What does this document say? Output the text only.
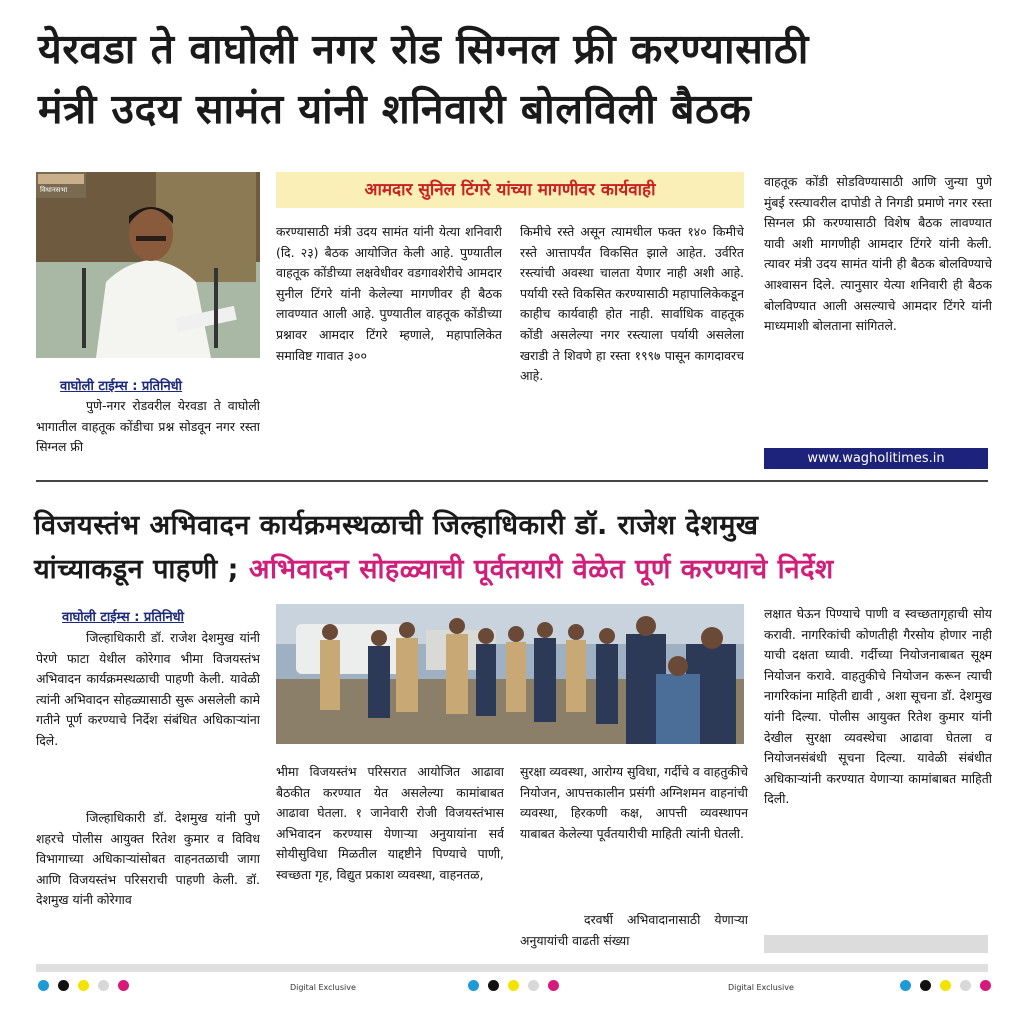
येरवडा ते वाघोली नगर रोड सिग्नल फ्री करण्यासाठी
मंत्री उदय सामंत यांनी शनिवारी बोलविली बैठक
विधानसभा
वाघोली टाईम्स : प्रतिनिधी
पुणे-नगर रोडवरील येरवडा ते वाघोली भागातील वाहतूक कोंडीचा प्रश्न सोडवून नगर रस्ता सिग्नल फ्री
आमदार सुनिल टिंगरे यांच्या मागणीवर कार्यवाही
करण्यासाठी मंत्री उदय सामंत यांनी येत्या शनिवारी (दि. २३) बैठक आयोजित केली आहे. पुण्यातील वाहतूक कोंडीच्या लक्षवेधीवर वडगावशेरीचे आमदार सुनील टिंगरे यांनी केलेल्या मागणीवर ही बैठक लावण्यात आली आहे. पुण्यातील वाहतूक कोंडीच्या प्रश्नावर आमदार टिंगरे म्हणाले, महापालिकेत समाविष्ट गावात ३००
किमीचे रस्ते असून त्यामधील फक्त १४० किमीचे रस्ते आत्तापर्यंत विकसित झाले आहेत. उर्वरित रस्त्यांची अवस्था चालता येणार नाही अशी आहे. पर्यायी रस्ते विकसित करण्यासाठी महापालिकेकडून काहीच कार्यवाही होत नाही. सार्वाधिक वाहतूक कोंडी असलेल्या नगर रस्त्याला पर्यायी असलेला खराडी ते शिवणे हा रस्ता १९९७ पासून कागदावरच आहे.
वाहतूक कोंडी सोडविण्यासाठी आणि जुन्या पुणे मुंबई रस्त्यावरील दापोडी ते निगडी प्रमाणे नगर रस्ता सिग्नल फ्री करण्यासाठी विशेष बैठक लावण्यात यावी अशी मागणीही आमदार टिंगरे यांनी केली. त्यावर मंत्री उदय सामंत यांनी ही बैठक बोलविण्याचे आश्वासन दिले. त्यानुसार येत्या शनिवारी ही बैठक बोलविण्यात आली असल्याचे आमदार टिंगरे यांनी माध्यमाशी बोलताना सांगितले.
www.wagholitimes.in
विजयस्तंभ अभिवादन कार्यक्रमस्थळाची जिल्हाधिकारी डॉ. राजेश देशमुख
यांच्याकडून पाहणी ; अभिवादन सोहळ्याची पूर्वतयारी वेळेत पूर्ण करण्याचे निर्देश
वाघोली टाईम्स : प्रतिनिधी
जिल्हाधिकारी डॉ. राजेश देशमुख यांनी पेरणे फाटा येथील कोरेगाव भीमा विजयस्तंभ अभिवादन कार्यक्रमस्थळाची पाहणी केली. यावेळी त्यांनी अभिवादन सोहळ्यासाठी सुरू असलेली कामे गतीने पूर्ण करण्याचे निर्देश संबंधित अधिकाऱ्यांना दिले.
जिल्हाधिकारी डॉ. देशमुख यांनी पुणे शहरचे पोलीस आयुक्त रितेश कुमार व विविध विभागाच्या अधिकाऱ्यांसोबत वाहनतळाची जागा आणि विजयस्तंभ परिसराची पाहणी केली. डॉ. देशमुख यांनी कोरेगाव
भीमा विजयस्तंभ परिसरात आयोजित आढावा बैठकीत करण्यात येत असलेल्या कामांबाबत आढावा घेतला. १ जानेवारी रोजी विजयस्तंभास अभिवादन करण्यास येणाऱ्या अनुयायांना सर्व सोयीसुविधा मिळतील याद्दष्टीने पिण्याचे पाणी, स्वच्छता गृह, विद्युत प्रकाश व्यवस्था, वाहनतळ,
सुरक्षा व्यवस्था, आरोग्य सुविधा, गर्दीचे व वाहतुकीचे नियोजन, आपत्तकालीन प्रसंगी अग्निशमन वाहनांची व्यवस्था, हिरकणी कक्ष, आपत्ती व्यवस्थापन याबाबत केलेल्या पूर्वतयारीची माहिती त्यांनी घेतली.
दरवर्षी अभिवादानासाठी येणाऱ्या अनुयायांची वाढती संख्या
लक्षात घेऊन पिण्याचे पाणी व स्वच्छतागृहाची सोय करावी. नागरिकांची कोणतीही गैरसोय होणार नाही याची दक्षता घ्यावी. गर्दीच्या नियोजनाबाबत सूक्ष्म नियोजन करावे. वाहतुकीचे नियोजन करून त्याची नागरिकांना माहिती द्यावी , अशा सूचना डॉ. देशमुख यांनी दिल्या. पोलीस आयुक्त रितेश कुमार यांनी देखील सुरक्षा व्यवस्थेचा आढावा घेतला व नियोजनसंबंधी सूचना दिल्या. यावेळी संबंधीत अधिकाऱ्यांनी करण्यात येणाऱ्या कामांबाबत माहिती दिली.
Digital Exclusive	Digital Exclusive
